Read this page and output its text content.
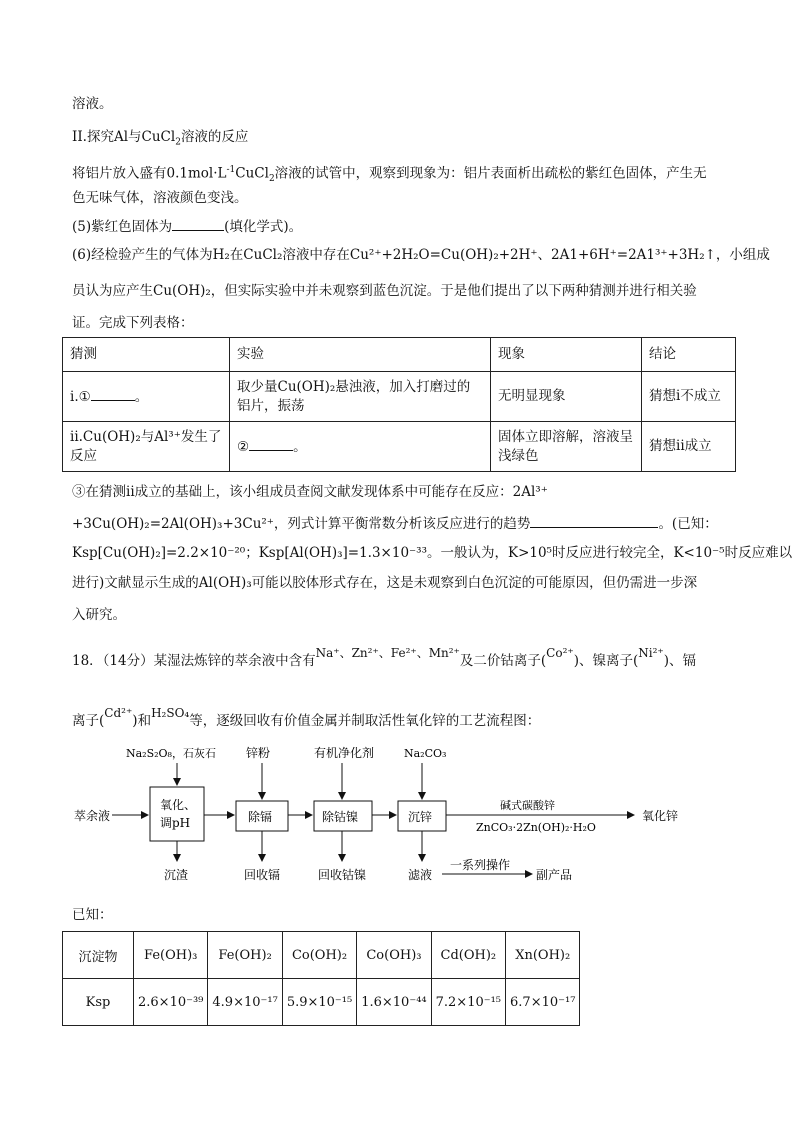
溶液。
II.探究Al与CuCl$_2$溶液的反应
将铝片放入盛有$0.1mol\cdot L^{-1}CuCl_2$溶液的试管中，观察到现象为：铝片表面析出疏松的紫红色固体，产生无
色无味气体，溶液颜色变浅。
(5)紫红色固体为	(填化学式)。
(6)经检验产生的气体为H₂在CuCl₂溶液中存在Cu²⁺+2H₂O=Cu(OH)₂+2H⁺、2A1+6H⁺=2A1³⁺+3H₂↑，小组成
员认为应产生Cu(OH)₂，但实际实验中并未观察到蓝色沉淀。于是他们提出了以下两种猜测并进行相关验
证。完成下列表格：
猜测	实验	现象	结论
i.① 。	取少量Cu(OH)₂悬浊液，加入打磨过的铝片，振荡	无明显现象	猜想i不成立
ii.Cu(OH)₂与Al³⁺发生了反应	② 。	固体立即溶解，溶液呈浅绿色	猜想ii成立
③在猜测ii成立的基础上，该小组成员查阅文献发现体系中可能存在反应：2Al³⁺
+3Cu(OH)₂=2Al(OH)₃+3Cu²⁺，列式计算平衡常数分析该反应进行的趋势	。(已知：
Ksp[Cu(OH)₂]=2.2×10⁻²⁰；Ksp[Al(OH)₃]=1.3×10⁻³³。一般认为，K>10⁵时反应进行较完全，K<10⁻⁵时反应难以
进行)文献显示生成的Al(OH)₃可能以胶体形式存在，这是未观察到白色沉淀的可能原因，但仍需进一步深
入研究。
18．（14分）某湿法炼锌的萃余液中含有Na⁺、Zn²⁺、Fe²⁺、Mn²⁺及二价钴离子(Co²⁺)、镍离子(Ni²⁺)、镉
离子(Cd²⁺)和H₂SO₄等，逐级回收有价值金属并制取活性氧化锌的工艺流程图：
Na₂S₂O₈，石灰石	锌粉	有机净化剂	Na₂CO₃
萃余液
氧化、
调pH	除镉	除钴镍	沉锌
碱式碳酸锌
ZnCO₃·2Zn(OH)₂·H₂O
氧化锌
沉渣	回收镉	回收钴镍	滤液
一系列操作
副产品
已知：
沉淀物	Fe(OH)₃	Fe(OH)₂	Co(OH)₂	Co(OH)₃	Cd(OH)₂	Xn(OH)₂
Ksp	2.6×10⁻³⁹	4.9×10⁻¹⁷	5.9×10⁻¹⁵	1.6×10⁻⁴⁴	7.2×10⁻¹⁵	6.7×10⁻¹⁷
